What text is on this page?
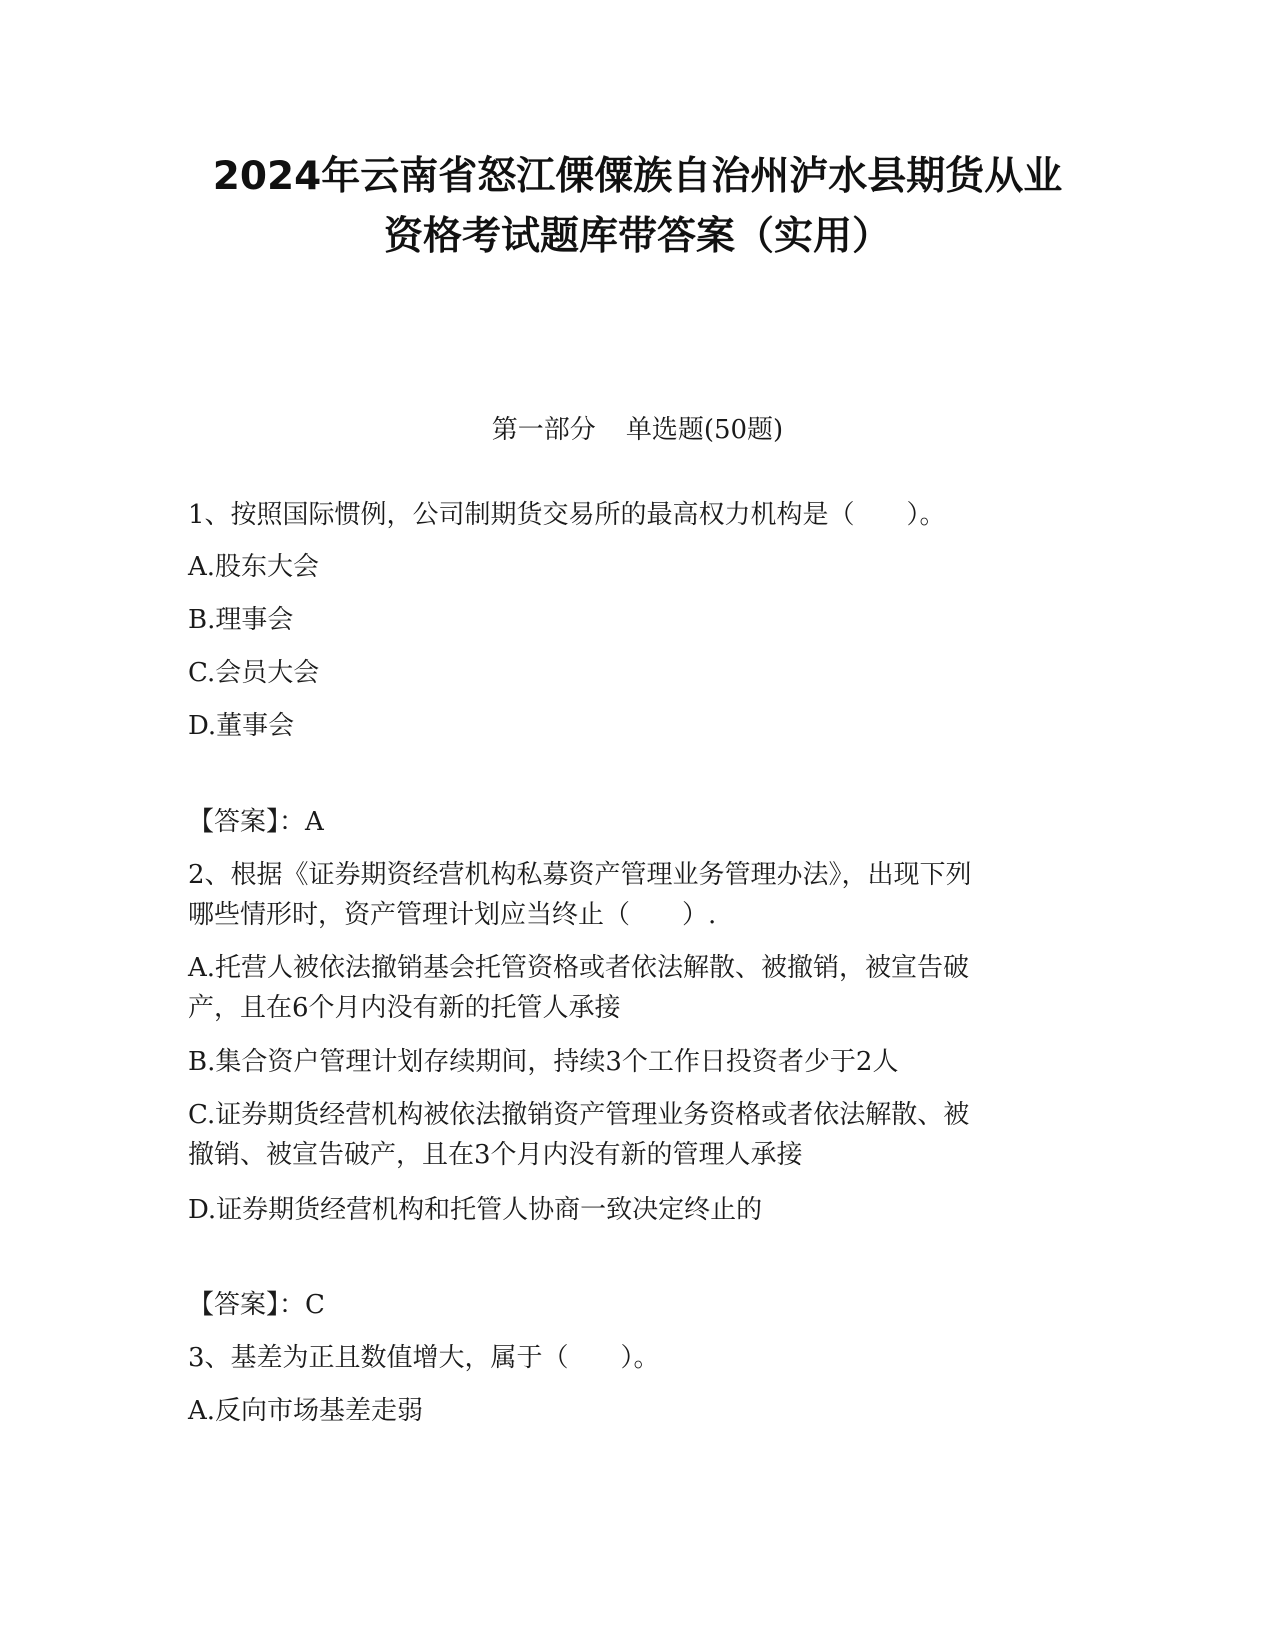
2024年云南省怒江傈僳族自治州泸水县期货从业
资格考试题库带答案（实用）
第一部分 单选题(50题)
1、按照国际惯例，公司制期货交易所的最高权力机构是（　　）。
A.股东大会
B.理事会
C.会员大会
D.董事会
【答案】：A
2、根据《证券期资经营机构私募资产管理业务管理办法》，出现下列
哪些情形时，资产管理计划应当终止（　　）.
A.托营人被依法撤销基会托管资格或者依法解散、被撤销，被宣告破
产，且在6个月内没有新的托管人承接
B.集合资户管理计划存续期间，持续3个工作日投资者少于2人
C.证券期货经营机构被依法撤销资产管理业务资格或者依法解散、被
撤销、被宣告破产，且在3个月内没有新的管理人承接
D.证券期货经营机构和托管人协商一致决定终止的
【答案】：C
3、基差为正且数值增大，属于（　　）。
A.反向市场基差走弱
